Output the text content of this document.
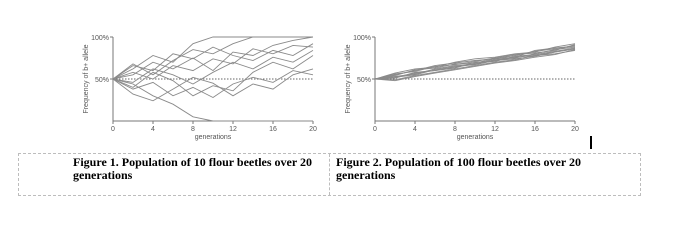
50%
100%
0	4	8	12	16	20
generations
Frequency of b+ allele	50%
100%
0	4	8	12	16	20
generations
Frequency of b+ allele
Figure 1. Population of 10 flour beetles over 20 generations
Figure 2. Population of 100 flour beetles over 20 generations
